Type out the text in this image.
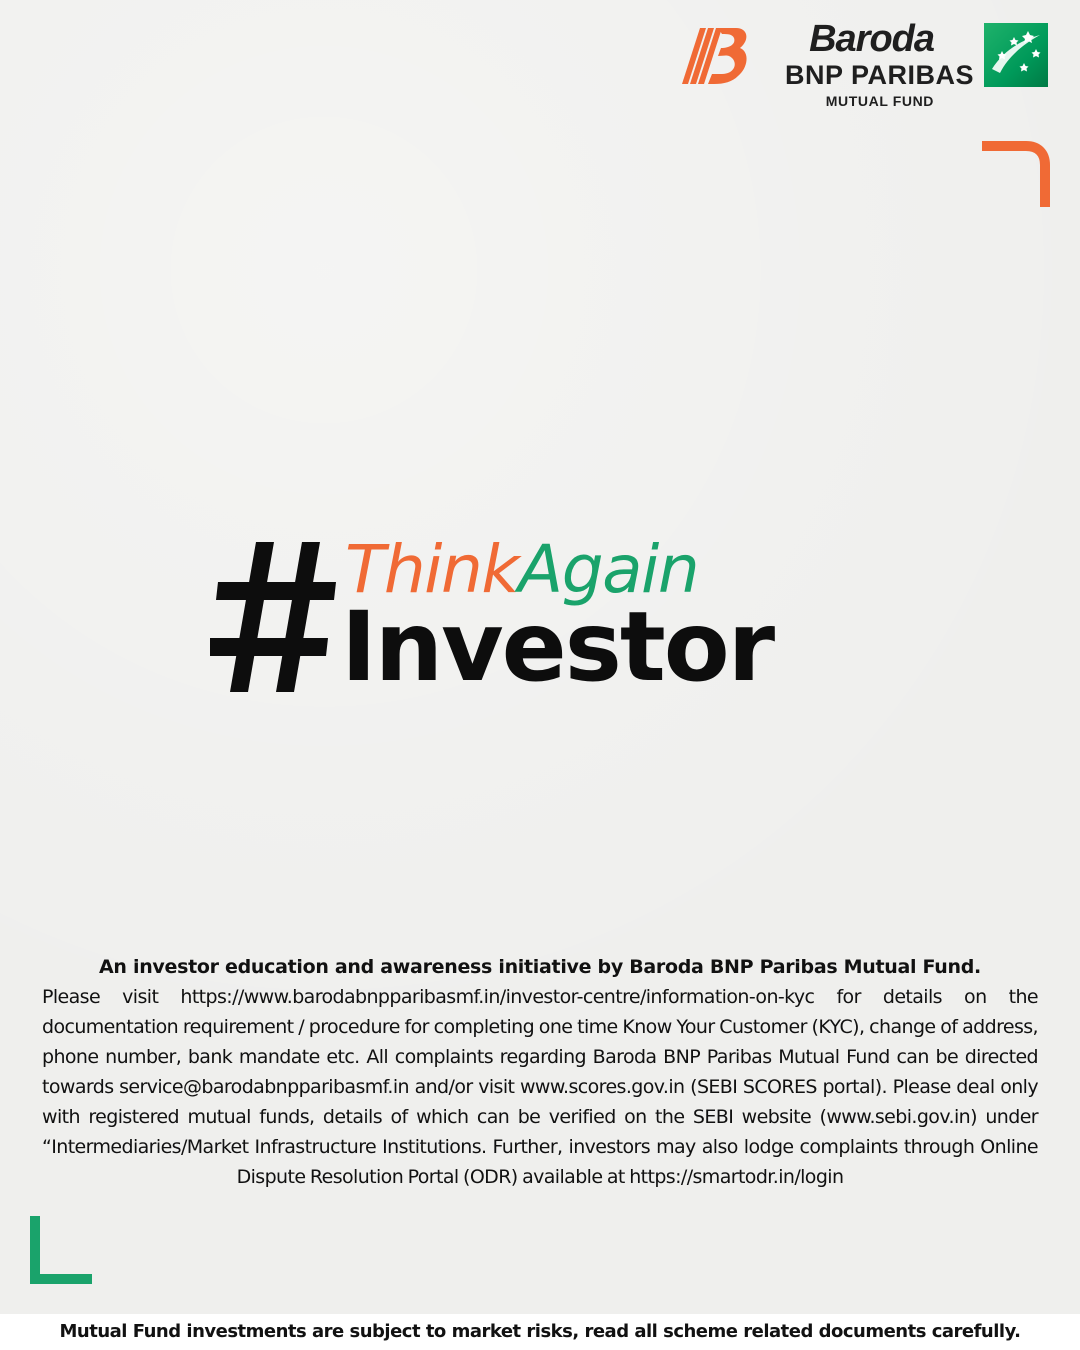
Baroda
BNP PARIBAS
MUTUAL FUND
ThinkAgain
Investor
An investor education and awareness initiative by Baroda BNP Paribas Mutual Fund.
Please visit https://www.barodabnpparibasmf.in/investor-centre/information-on-kyc for details on the documentation requirement / procedure for completing one time Know Your Customer (KYC), change of address, phone number, bank mandate etc. All complaints regarding Baroda BNP Paribas Mutual Fund can be directed towards service@barodabnpparibasmf.in and/or visit www.scores.gov.in (SEBI SCORES portal). Please deal only with registered mutual funds, details of which can be verified on the SEBI website (www.sebi.gov.in) under “Intermediaries/Market Infrastructure Institutions. Further, investors may also lodge complaints through Online Dispute Resolution Portal (ODR) available at https://smartodr.in/login
Mutual Fund investments are subject to market risks, read all scheme related documents carefully.
